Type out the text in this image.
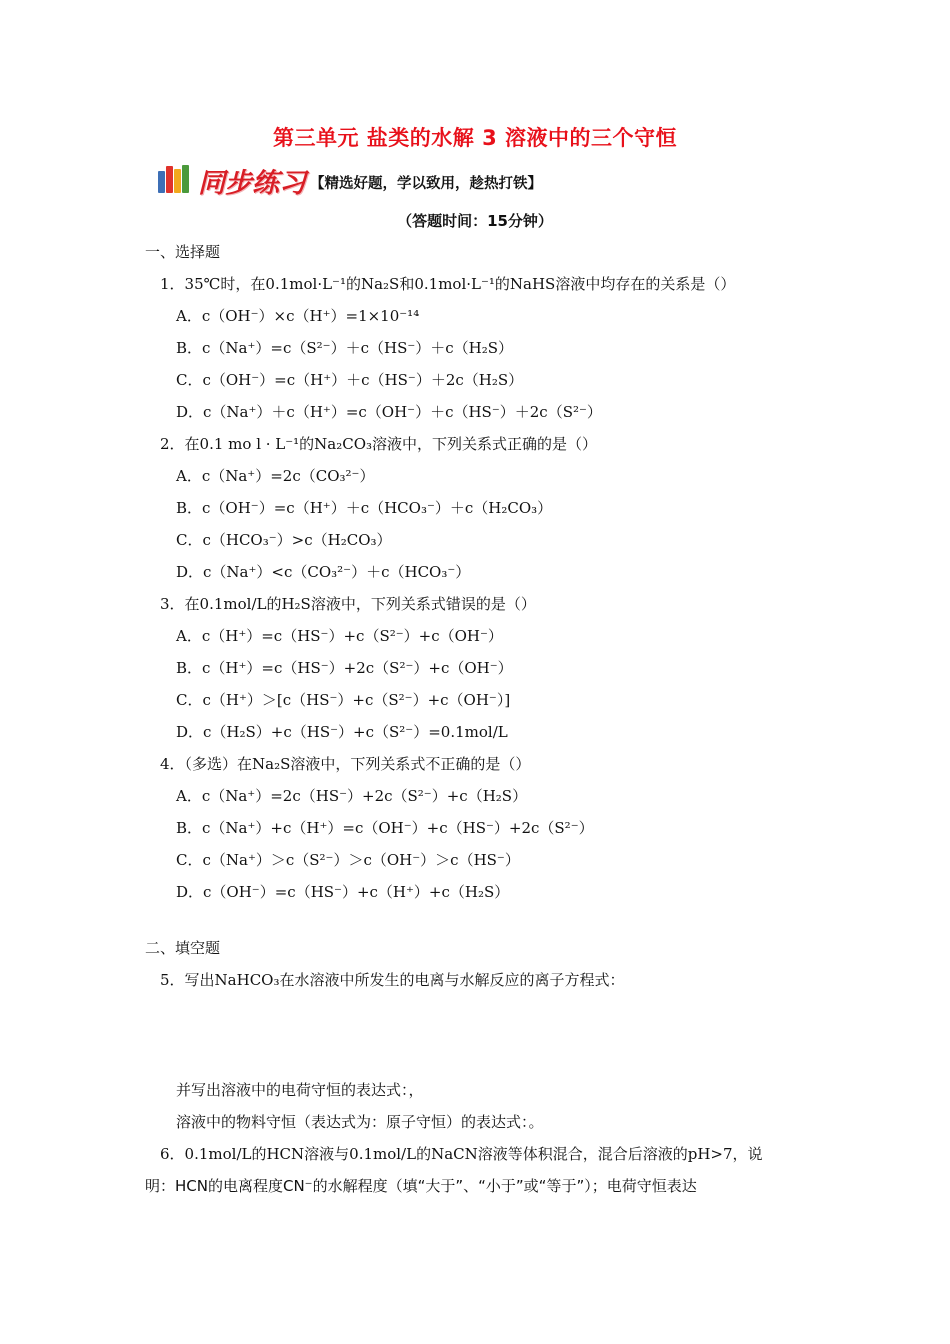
第三单元 盐类的水解 3 溶液中的三个守恒
同步练习 【精选好题，学以致用，趁热打铁】
（答题时间：15分钟）
一、选择题
1．35℃时，在0.1mol·L⁻¹的Na₂S和0.1mol·L⁻¹的NaHS溶液中均存在的关系是（）
A．c（OH⁻）×c（H⁺）=1×10⁻¹⁴
B．c（Na⁺）=c（S²⁻）＋c（HS⁻）＋c（H₂S）
C．c（OH⁻）=c（H⁺）＋c（HS⁻）＋2c（H₂S）
D．c（Na⁺）＋c（H⁺）=c（OH⁻）＋c（HS⁻）＋2c（S²⁻）
2．在0.1 mo l · L⁻¹的Na₂CO₃溶液中，下列关系式正确的是（）
A．c（Na⁺）=2c（CO₃²⁻）
B．c（OH⁻）=c（H⁺）＋c（HCO₃⁻）＋c（H₂CO₃）
C．c（HCO₃⁻）>c（H₂CO₃）
D．c（Na⁺）<c（CO₃²⁻）＋c（HCO₃⁻）
3．在0.1mol/L的H₂S溶液中，下列关系式错误的是（）
A．c（H⁺）=c（HS⁻）+c（S²⁻）+c（OH⁻）
B．c（H⁺）=c（HS⁻）+2c（S²⁻）+c（OH⁻）
C．c（H⁺）＞[c（HS⁻）+c（S²⁻）+c（OH⁻）]
D．c（H₂S）+c（HS⁻）+c（S²⁻）=0.1mol/L
4．（多选）在Na₂S溶液中，下列关系式不正确的是（）
A．c（Na⁺）=2c（HS⁻）+2c（S²⁻）+c（H₂S）
B．c（Na⁺）+c（H⁺）=c（OH⁻）+c（HS⁻）+2c（S²⁻）
C．c（Na⁺）＞c（S²⁻）＞c（OH⁻）＞c（HS⁻）
D．c（OH⁻）=c（HS⁻）+c（H⁺）+c（H₂S）
二、填空题
5．写出NaHCO₃在水溶液中所发生的电离与水解反应的离子方程式：
并写出溶液中的电荷守恒的表达式：，
溶液中的物料守恒（表达式为：原子守恒）的表达式：。
6．0.1mol/L的HCN溶液与0.1mol/L的NaCN溶液等体积混合，混合后溶液的pH>7，说
明：HCN的电离程度CN⁻的水解程度（填“大于”、“小于”或“等于”）；电荷守恒表达
